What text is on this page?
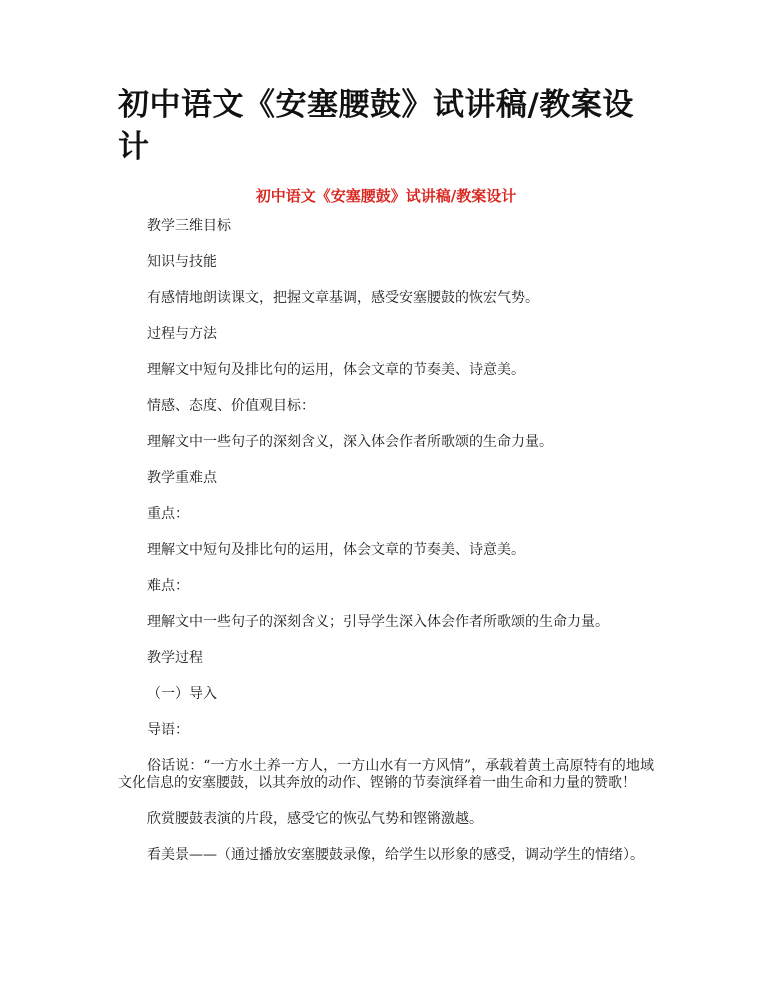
初中语文《安塞腰鼓》试讲稿/教案设计
初中语文《安塞腰鼓》试讲稿/教案设计

教学三维目标

知识与技能

有感情地朗读课文，把握文章基调，感受安塞腰鼓的恢宏气势。

过程与方法

理解文中短句及排比句的运用，体会文章的节奏美、诗意美。

情感、态度、价值观目标：

理解文中一些句子的深刻含义，深入体会作者所歌颂的生命力量。

教学重难点

重点：

理解文中短句及排比句的运用，体会文章的节奏美、诗意美。

难点：

理解文中一些句子的深刻含义；引导学生深入体会作者所歌颂的生命力量。

教学过程

（一）导入

导语：

俗话说：“一方水土养一方人，一方山水有一方风情”，承载着黄土高原特有的地域文化信息的安塞腰鼓，以其奔放的动作、铿锵的节奏演绎着一曲生命和力量的赞歌！

欣赏腰鼓表演的片段，感受它的恢弘气势和铿锵激越。

看美景——（通过播放安塞腰鼓录像，给学生以形象的感受，调动学生的情绪）。
